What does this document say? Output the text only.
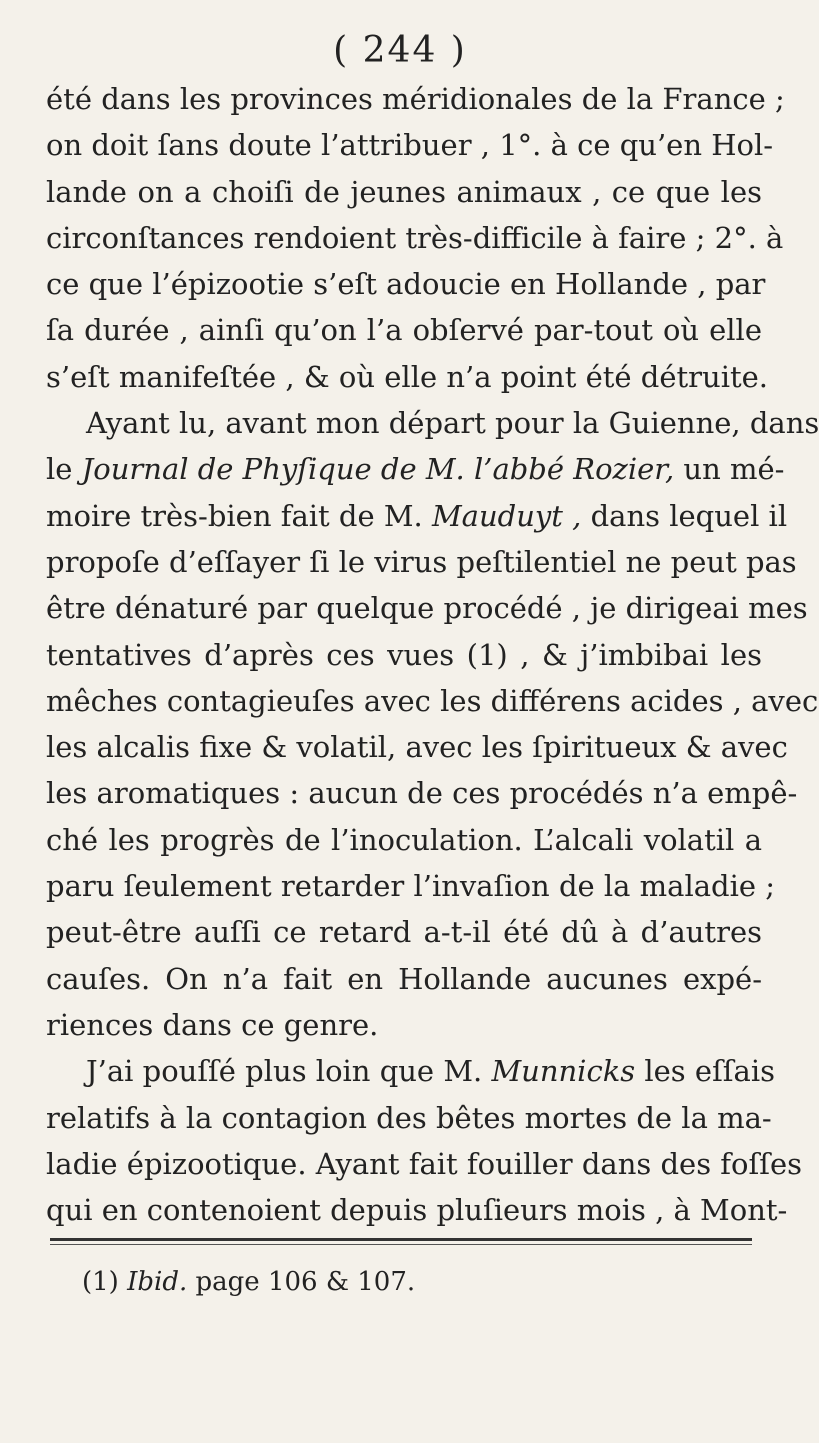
( 244 )
été dans les provinces méridionales de la France ;
on doit ſans doute l’attribuer , 1°. à ce qu’en Hol-
lande on a choiſi de jeunes animaux , ce que les
circonſtances rendoient très-difficile à faire ; 2°. à
ce que l’épizootie s’eſt adoucie en Hollande , par
ſa durée , ainſi qu’on l’a obſervé par-tout où elle
s’eſt manifeſtée , & où elle n’a point été détruite.
Ayant lu, avant mon départ pour la Guienne, dans
le Journal de Phyſique de M. l’abbé Rozier, un mé-
moire très-bien fait de M. Mauduyt , dans lequel il
propoſe d’eſſayer ſi le virus peſtilentiel ne peut pas
être dénaturé par quelque procédé , je dirigeai mes
tentatives d’après ces vues (1) , & j’imbibai les
mêches contagieuſes avec les différens acides , avec
les alcalis fixe & volatil, avec les ſpiritueux & avec
les aromatiques : aucun de ces procédés n’a empê-
ché les progrès de l’inoculation. L’alcali volatil a
paru ſeulement retarder l’invaſion de la maladie ;
peut-être auſſi ce retard a-t-il été dû à d’autres
cauſes. On n’a fait en Hollande aucunes expé-
riences dans ce genre.
J’ai pouſſé plus loin que M. Munnicks les eſſais
relatifs à la contagion des bêtes mortes de la ma-
ladie épizootique. Ayant fait fouiller dans des foſſes
qui en contenoient depuis pluſieurs mois , à Mont-
(1) Ibid. page 106 & 107.
